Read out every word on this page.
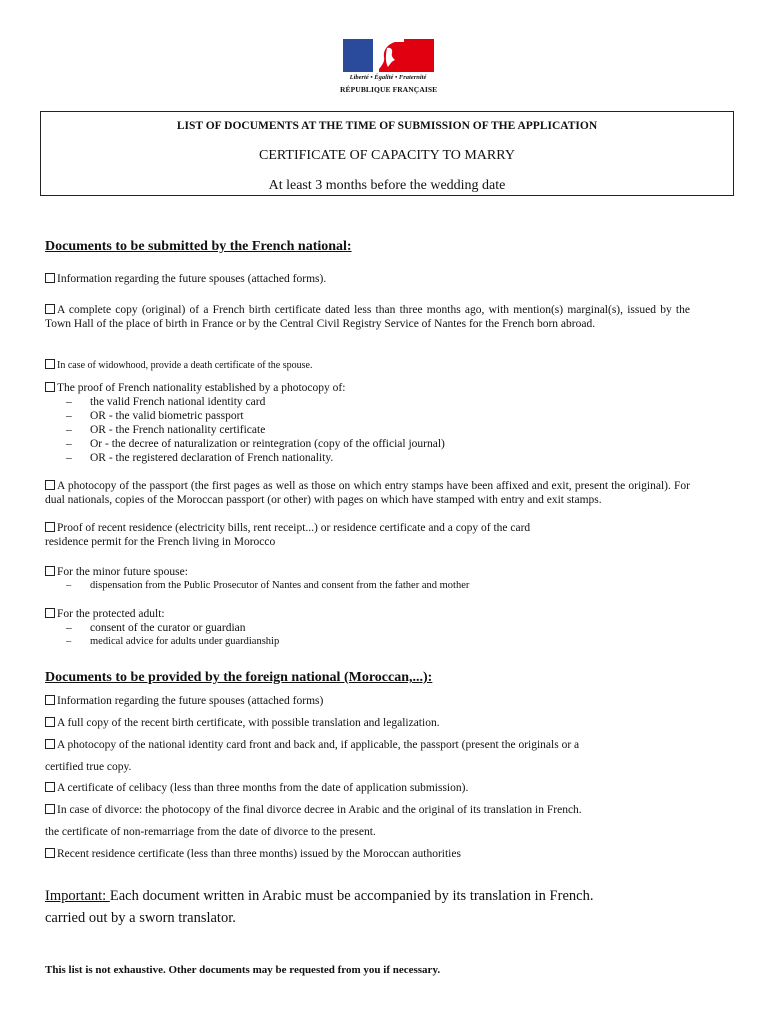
Liberté • Égalité • Fraternité
RÉPUBLIQUE FRANÇAISE
LIST OF DOCUMENTS AT THE TIME OF SUBMISSION OF THE APPLICATION
CERTIFICATE OF CAPACITY TO MARRY
At least 3 months before the wedding date
Documents to be submitted by the French national:
Information regarding the future spouses (attached forms).
A complete copy (original) of a French birth certificate dated less than three months ago, with mention(s) marginal(s), issued by the Town Hall of the place of birth in France or by the Central Civil Registry Service of Nantes for the French born abroad.
In case of widowhood, provide a death certificate of the spouse.
The proof of French nationality established by a photocopy of:
– the valid French national identity card
– OR - the valid biometric passport
– OR - the French nationality certificate
– Or - the decree of naturalization or reintegration (copy of the official journal)
– OR - the registered declaration of French nationality.
A photocopy of the passport (the first pages as well as those on which entry stamps have been affixed and exit, present the original). For dual nationals, copies of the Moroccan passport (or other) with pages on which have stamped with entry and exit stamps.
Proof of recent residence (electricity bills, rent receipt...) or residence certificate and a copy of the card
residence permit for the French living in Morocco
For the minor future spouse:
– dispensation from the Public Prosecutor of Nantes and consent from the father and mother
For the protected adult:
– consent of the curator or guardian
– medical advice for adults under guardianship
Documents to be provided by the foreign national (Moroccan,...):
Information regarding the future spouses (attached forms)
A full copy of the recent birth certificate, with possible translation and legalization.
A photocopy of the national identity card front and back and, if applicable, the passport (present the originals or a
certified true copy.
A certificate of celibacy (less than three months from the date of application submission).
In case of divorce: the photocopy of the final divorce decree in Arabic and the original of its translation in French.
the certificate of non-remarriage from the date of divorce to the present.
Recent residence certificate (less than three months) issued by the Moroccan authorities
Important: Each document written in Arabic must be accompanied by its translation in French.
carried out by a sworn translator.
This list is not exhaustive. Other documents may be requested from you if necessary.
